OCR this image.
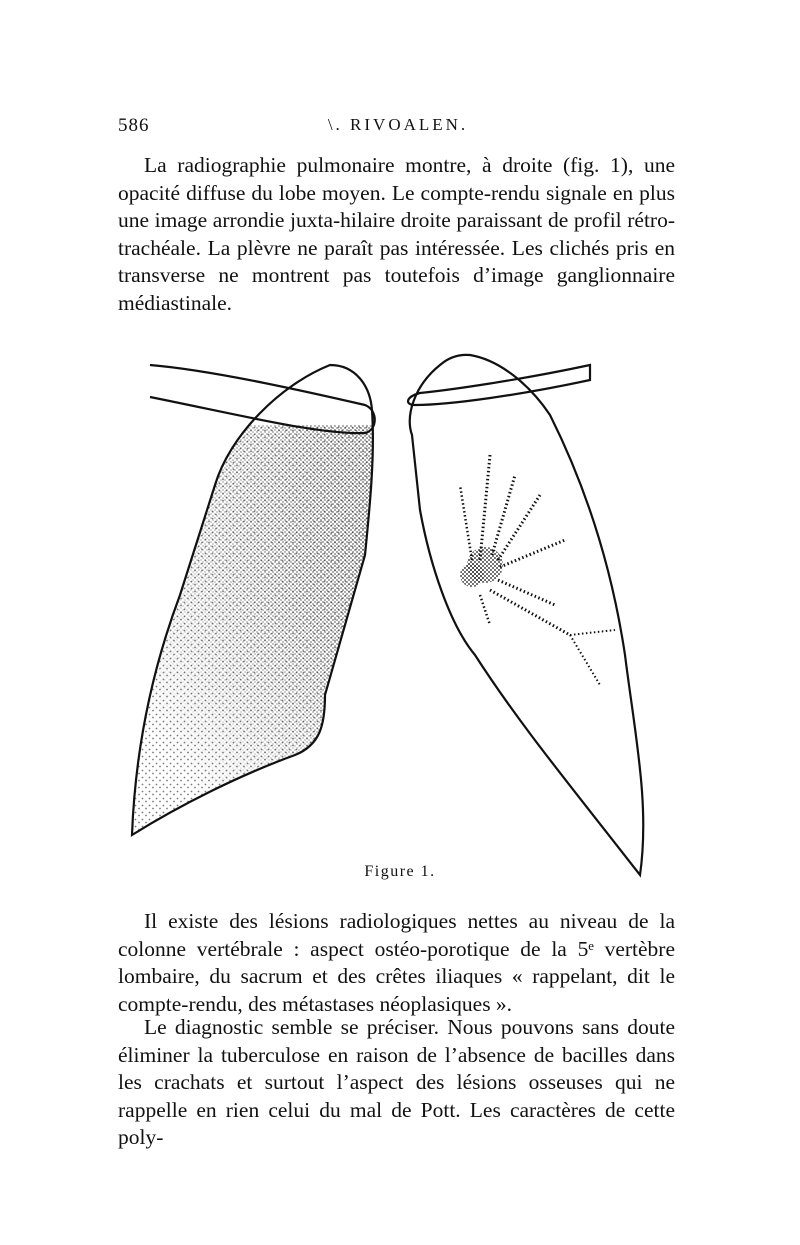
586	\. RIVOALEN.

La radiographie pulmonaire montre, à droite (fig. 1), une opacité diffuse du lobe moyen. Le compte-rendu signale en plus une image arrondie juxta-hilaire droite paraissant de profil rétro-trachéale. La plèvre ne paraît pas intéressée. Les clichés pris en transverse ne montrent pas toutefois d’image ganglionnaire médiastinale.

Figure 1.

Il existe des lésions radiologiques nettes au niveau de la colonne vertébrale : aspect ostéo-porotique de la 5ᵉ vertèbre lombaire, du sacrum et des crêtes iliaques « rappelant, dit le compte-rendu, des métastases néoplasiques ».

Le diagnostic semble se préciser. Nous pouvons sans doute éliminer la tuberculose en raison de l’absence de bacilles dans les crachats et surtout l’aspect des lésions osseuses qui ne rappelle en rien celui du mal de Pott. Les caractères de cette poly-
